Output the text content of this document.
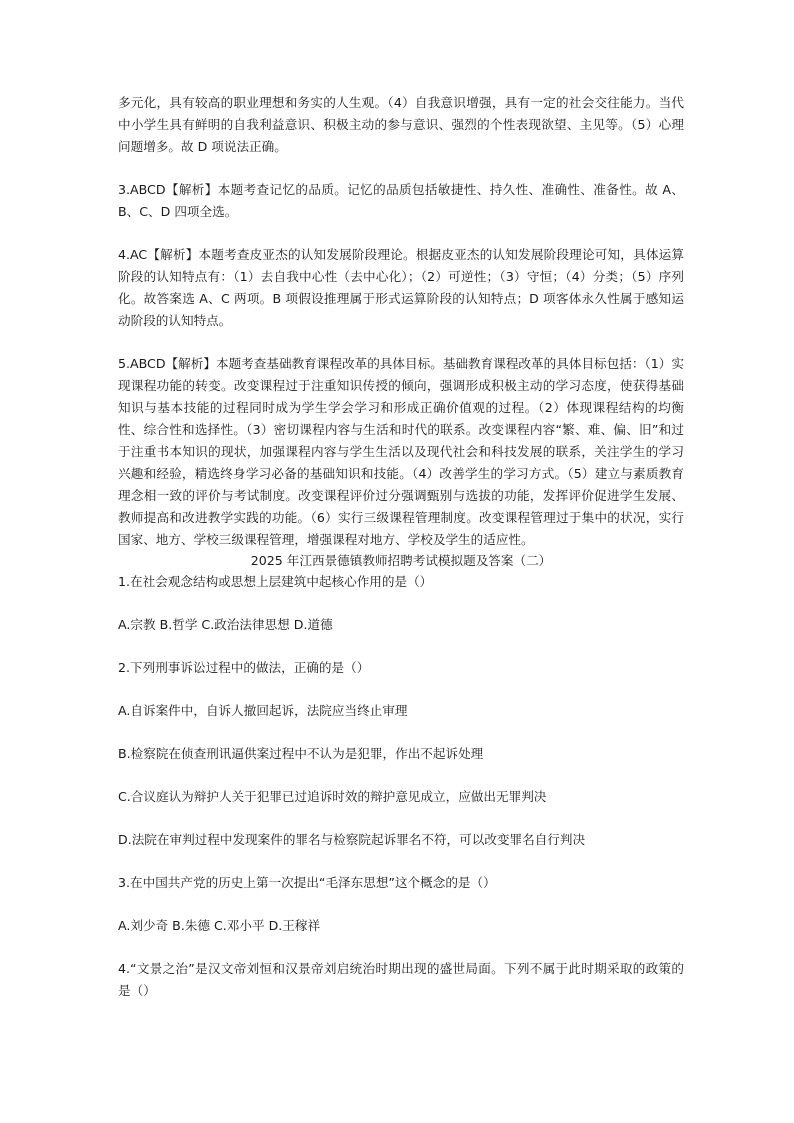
多元化，具有较高的职业理想和务实的人生观。（4）自我意识增强，具有一定的社会交往能力。当代中小学生具有鲜明的自我利益意识、积极主动的参与意识、强烈的个性表现欲望、主见等。（5）心理问题增多。故 D 项说法正确。

3.ABCD【解析】本题考查记忆的品质。记忆的品质包括敏捷性、持久性、准确性、准备性。故 A、B、C、D 四项全选。

4.AC【解析】本题考查皮亚杰的认知发展阶段理论。根据皮亚杰的认知发展阶段理论可知，具体运算阶段的认知特点有：（1）去自我中心性（去中心化）；（2）可逆性；（3）守恒；（4）分类；（5）序列化。故答案选 A、C 两项。B 项假设推理属于形式运算阶段的认知特点；D 项客体永久性属于感知运动阶段的认知特点。

5.ABCD【解析】本题考查基础教育课程改革的具体目标。基础教育课程改革的具体目标包括：（1）实现课程功能的转变。改变课程过于注重知识传授的倾向，强调形成积极主动的学习态度，使获得基础知识与基本技能的过程同时成为学生学会学习和形成正确价值观的过程。（2）体现课程结构的均衡性、综合性和选择性。（3）密切课程内容与生活和时代的联系。改变课程内容“繁、难、偏、旧”和过于注重书本知识的现状，加强课程内容与学生生活以及现代社会和科技发展的联系，关注学生的学习兴趣和经验，精选终身学习必备的基础知识和技能。（4）改善学生的学习方式。（5）建立与素质教育理念相一致的评价与考试制度。改变课程评价过分强调甄别与选拔的功能，发挥评价促进学生发展、教师提高和改进教学实践的功能。（6）实行三级课程管理制度。改变课程管理过于集中的状况，实行国家、地方、学校三级课程管理，增强课程对地方、学校及学生的适应性。

2025 年江西景德镇教师招聘考试模拟题及答案（二）

1.在社会观念结构或思想上层建筑中起核心作用的是（）

A.宗教 B.哲学 C.政治法律思想 D.道德

2.下列刑事诉讼过程中的做法，正确的是（）

A.自诉案件中，自诉人撤回起诉，法院应当终止审理

B.检察院在侦查刑讯逼供案过程中不认为是犯罪，作出不起诉处理

C.合议庭认为辩护人关于犯罪已过追诉时效的辩护意见成立，应做出无罪判决

D.法院在审判过程中发现案件的罪名与检察院起诉罪名不符，可以改变罪名自行判决

3.在中国共产党的历史上第一次提出“毛泽东思想”这个概念的是（）

A.刘少奇 B.朱德 C.邓小平 D.王稼祥

4.“文景之治”是汉文帝刘恒和汉景帝刘启统治时期出现的盛世局面。下列不属于此时期采取的政策的是（）
